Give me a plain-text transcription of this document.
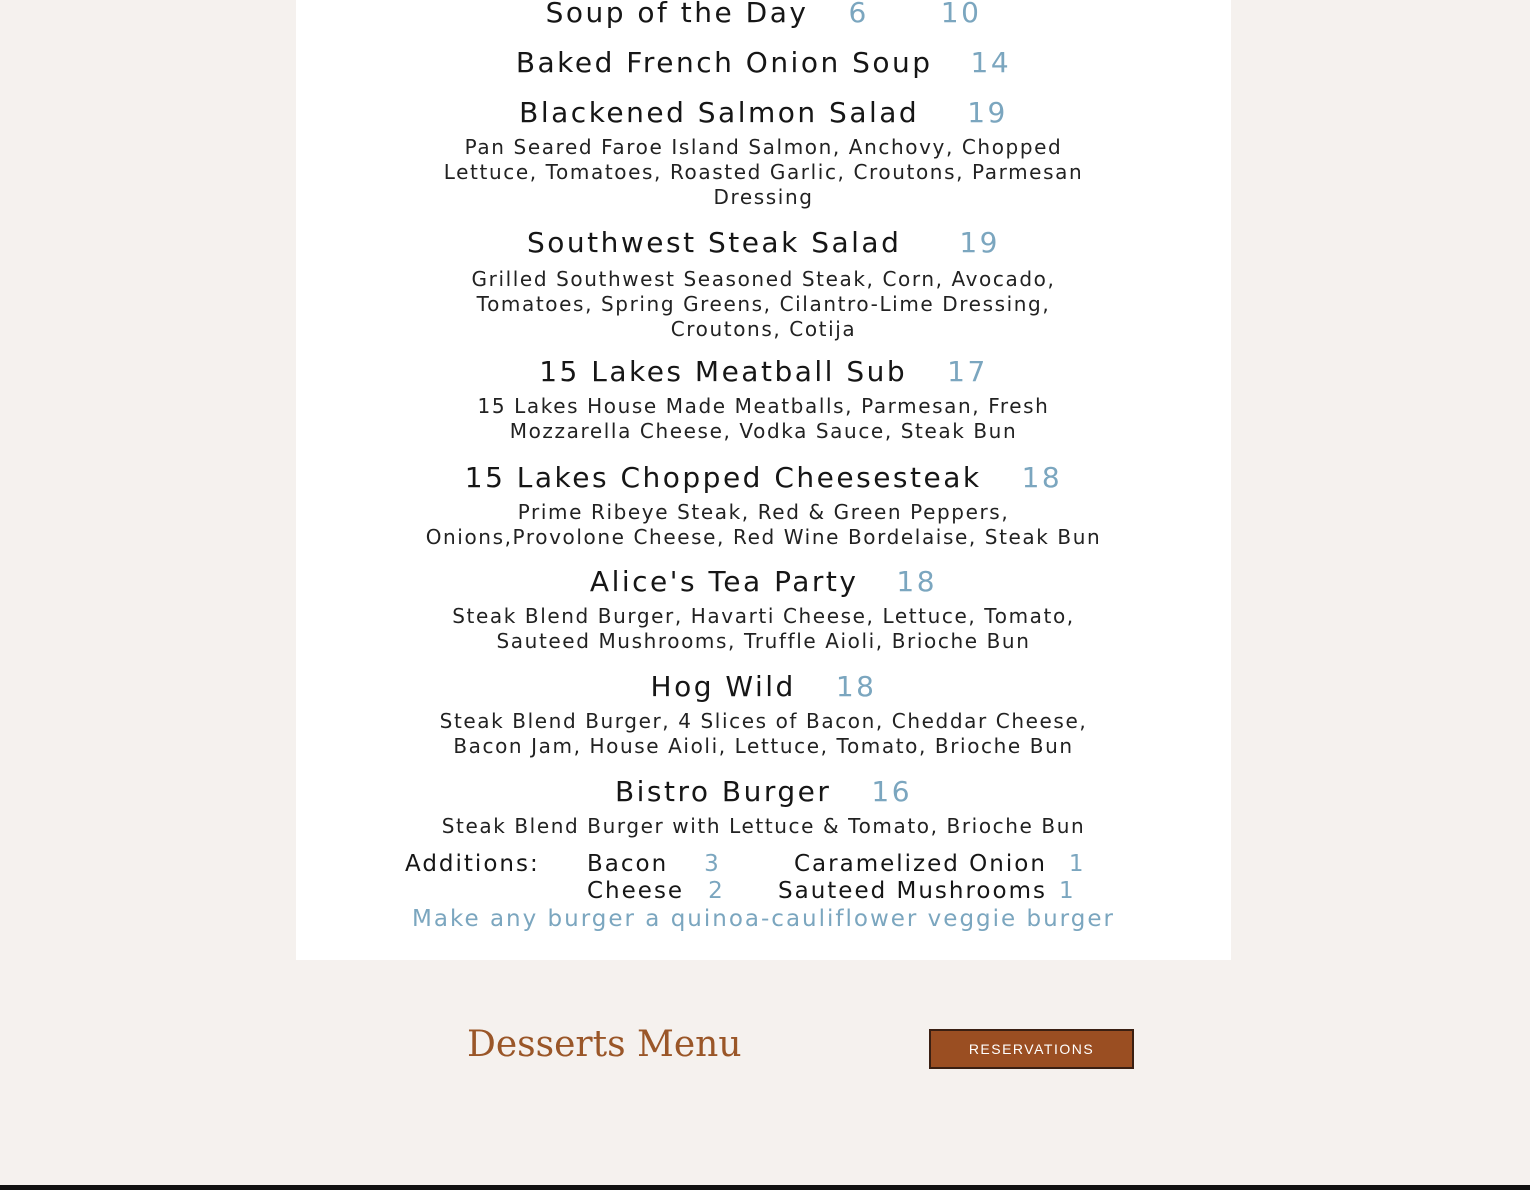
Soup of the Day 6	10
Baked French Onion Soup 14
Blackened Salmon Salad 19
Pan Seared Faroe Island Salmon, Anchovy, Chopped
Lettuce, Tomatoes, Roasted Garlic, Croutons, Parmesan
Dressing
Southwest Steak Salad 19
Grilled Southwest Seasoned Steak, Corn, Avocado,
Tomatoes, Spring Greens, Cilantro-Lime Dressing,
Croutons, Cotija
15 Lakes Meatball Sub 17
15 Lakes House Made Meatballs, Parmesan, Fresh
Mozzarella Cheese, Vodka Sauce, Steak Bun
15 Lakes Chopped Cheesesteak 18
Prime Ribeye Steak, Red & Green Peppers,
Onions,Provolone Cheese, Red Wine Bordelaise, Steak Bun
Alice's Tea Party 18
Steak Blend Burger, Havarti Cheese, Lettuce, Tomato,
Sauteed Mushrooms, Truffle Aioli, Brioche Bun
Hog Wild 18
Steak Blend Burger, 4 Slices of Bacon, Cheddar Cheese,
Bacon Jam, House Aioli, Lettuce, Tomato, Brioche Bun
Bistro Burger 16
Steak Blend Burger with Lettuce & Tomato, Brioche Bun
Additions: Bacon 3	Caramelized Onion 1
Cheese 2 Sauteed Mushrooms 1
Make any burger a quinoa-cauliflower veggie burger
Desserts Menu	RESERVATIONS
